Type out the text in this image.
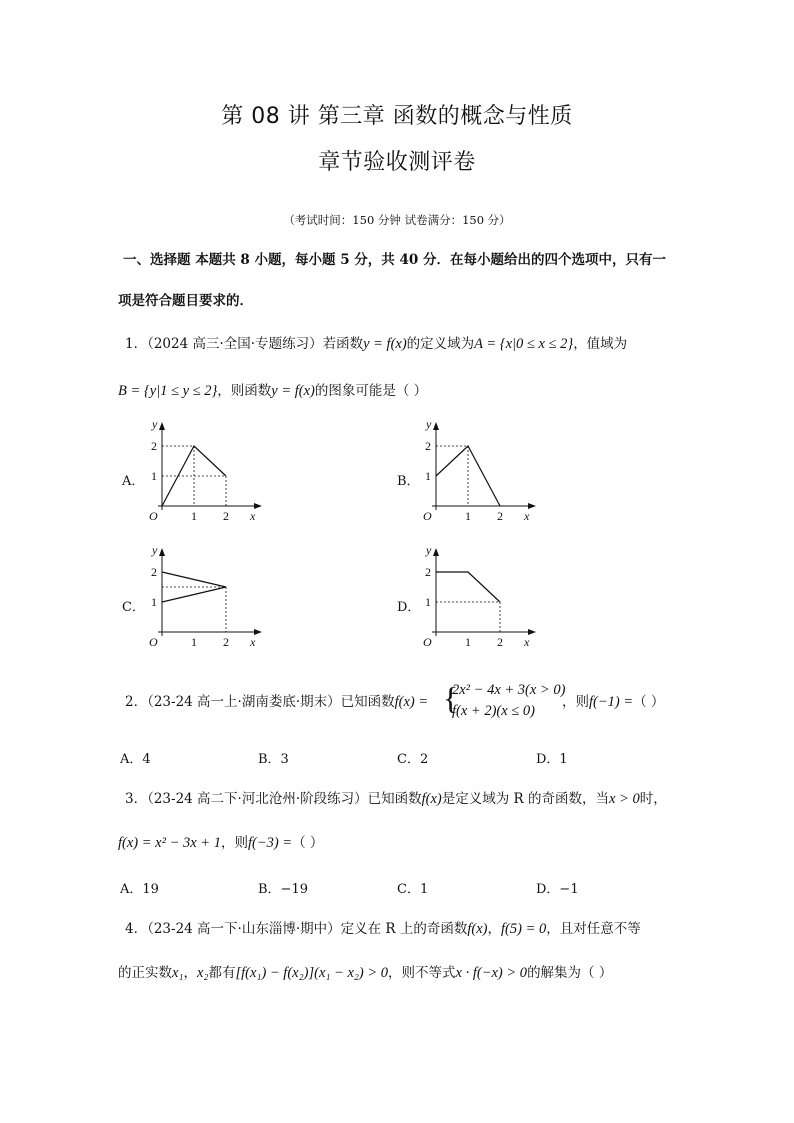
第 08 讲 第三章 函数的概念与性质
章节验收测评卷
（考试时间：150 分钟 试卷满分：150 分）
一、选择题 本题共 8 小题，每小题 5 分，共 40 分．在每小题给出的四个选项中，只有一
项是符合题目要求的．
1．（2024 高三·全国·专题练习）若函数y = f(x)的定义域为A = {x|0 ≤ x ≤ 2}，值域为
B = {y|1 ≤ y ≤ 2}，则函数y = f(x)的图象可能是（ ）
A．	B．
C．	D．
y
x
O	1 2
1
2
y
x
O	1 2
1
2
y
x
O	1 2
1
2
y
x
O	1 2
1
2
2．（23-24 高一上·湖南娄底·期末）已知函数f(x) = {
2x² − 4x + 3(x > 0)
f(x + 2)(x ≤ 0)
，则f(−1) =（ ）
A．4	B．3	C．2	D．1
3．（23-24 高二下·河北沧州·阶段练习）已知函数f(x)是定义域为 R 的奇函数，当x > 0时，
f(x) = x² − 3x + 1，则f(−3) =（ ）
A．19	B．−19	C．1	D．−1
4．（23-24 高一下·山东淄博·期中）定义在 R 上的奇函数f(x)，f(5) = 0，且对任意不等
的正实数x₁，x₂都有[f(x₁) − f(x₂)](x₁ − x₂) > 0，则不等式x · f(−x) > 0的解集为（ ）
